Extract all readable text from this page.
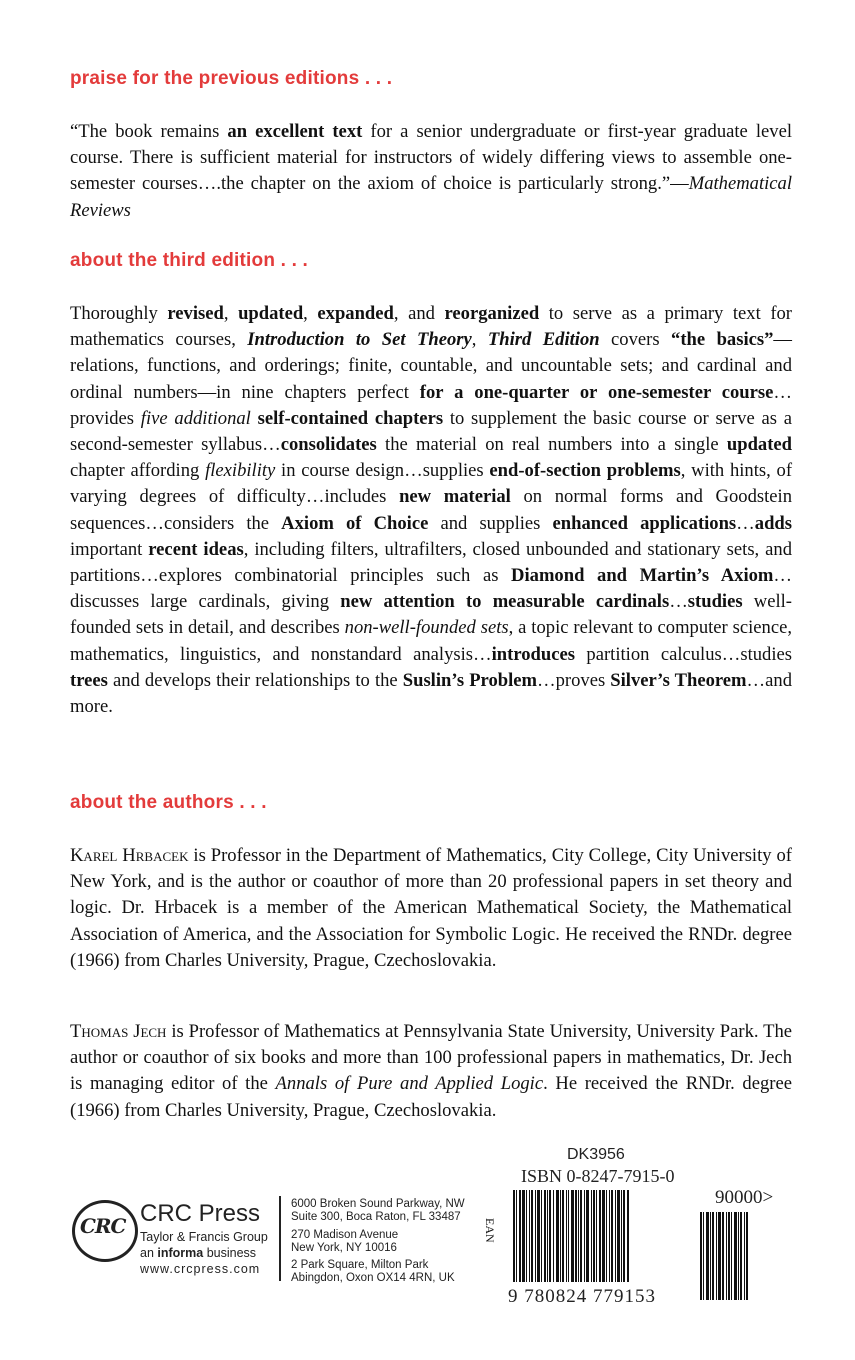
praise for the previous editions . . .

“The book remains an excellent text for a senior undergraduate or first-year graduate level course. There is sufficient material for instructors of widely differing views to assemble one-semester courses….the chapter on the axiom of choice is particularly strong.”—Mathematical Reviews

about the third edition . . .

Thoroughly revised, updated, expanded, and reorganized to serve as a primary text for mathematics courses, Introduction to Set Theory, Third Edition covers “the basics”—relations, functions, and orderings; finite, countable, and uncountable sets; and cardinal and ordinal numbers—in nine chapters perfect for a one-quarter or one-semester course…provides five additional self-contained chapters to supplement the basic course or serve as a second-semester syllabus…consolidates the material on real numbers into a single updated chapter affording flexibility in course design…supplies end-of-section problems, with hints, of varying degrees of difficulty…includes new material on normal forms and Goodstein sequences…considers the Axiom of Choice and supplies enhanced applications…adds important recent ideas, including filters, ultrafilters, closed unbounded and stationary sets, and partitions…explores combinatorial principles such as Diamond and Martin’s Axiom…discusses large cardinals, giving new attention to measurable cardinals…studies well-founded sets in detail, and describes non-well-founded sets, a topic relevant to computer science, mathematics, linguistics, and nonstandard analysis…introduces partition calculus…studies trees and develops their relationships to the Suslin’s Problem…proves Silver’s Theorem…and more.

about the authors . . .

Karel Hrbacek is Professor in the Department of Mathematics, City College, City University of New York, and is the author or coauthor of more than 20 professional papers in set theory and logic. Dr. Hrbacek is a member of the American Mathematical Society, the Mathematical Association of America, and the Association for Symbolic Logic. He received the RNDr. degree (1966) from Charles University, Prague, Czechoslovakia.

Thomas Jech is Professor of Mathematics at Pennsylvania State University, University Park. The author or coauthor of six books and more than 100 professional papers in mathematics, Dr. Jech is managing editor of the Annals of Pure and Applied Logic. He received the RNDr. degree (1966) from Charles University, Prague, Czechoslovakia.

CRC CRC Press
Taylor & Francis Group
an informa business
www.crcpress.com
6000 Broken Sound Parkway, NW
Suite 300, Boca Raton, FL 33487
270 Madison Avenue
New York, NY 10016
2 Park Square, Milton Park
Abingdon, Oxon OX14 4RN, UK
DK3956
ISBN 0-8247-7915-0
EAN
9 780824 779153
90000>
